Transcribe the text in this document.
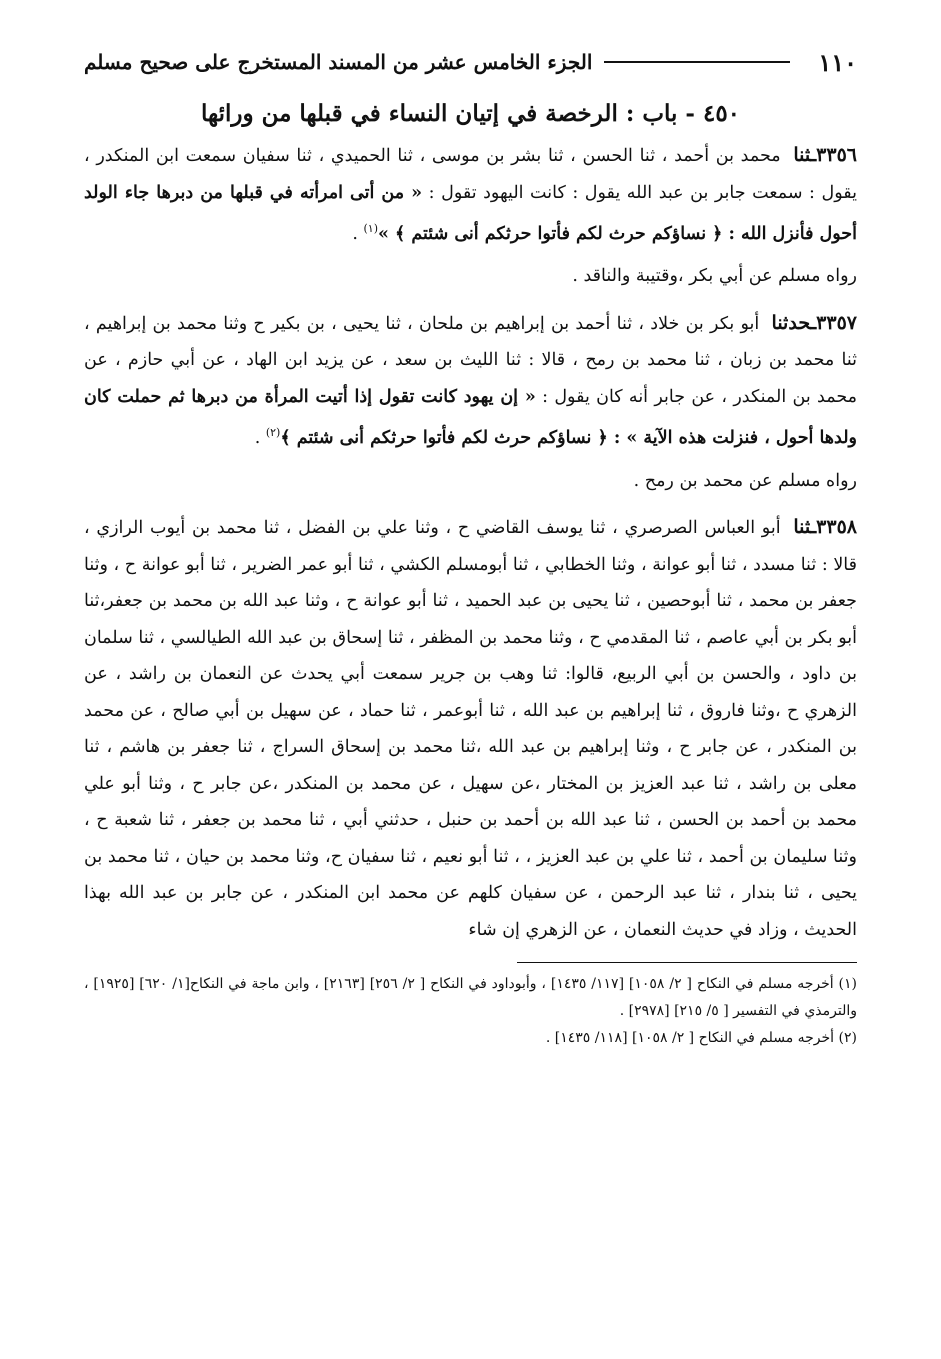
١١٠
الجزء الخامس عشر من المسند المستخرج على صحيح مسلم
٤٥٠ - باب : الرخصة في إتيان النساء في قبلها من ورائها

٣٣٥٦ـثنا محمد بن أحمد ، ثنا الحسن ، ثنا بشر بن موسى ، ثنا الحميدي ، ثنا سفيان سمعت ابن المنكدر ، يقول : سمعت جابر بن عبد الله يقول : كانت اليهود تقول : « من أتى امرأته في قبلها من دبرها جاء الولد أحول فأنزل الله : ﴿ نساؤكم حرث لكم فأتوا حرثكم أنى شئتم ﴾ »$^{(١)}$ .

رواه مسلم عن أبي بكر ،وقتيبة والناقد .

٣٣٥٧ـحدثنا أبو بكر بن خلاد ، ثنا أحمد بن إبراهيم بن ملحان ، ثنا يحيى ، بن بكير ح وثنا محمد بن إبراهيم ، ثنا محمد بن زبان ، ثنا محمد بن رمح ، قالا : ثنا الليث بن سعد ، عن يزيد ابن الهاد ، عن أبي حازم ، عن محمد بن المنكدر ، عن جابر أنه كان يقول : « إن يهود كانت تقول إذا أتيت المرأة من دبرها ثم حملت كان ولدها أحول ، فنزلت هذه الآية » : ﴿ نساؤكم حرث لكم فأتوا حرثكم أنى شئتم ﴾$^{(٢)}$ .

رواه مسلم عن محمد بن رمح .

٣٣٥٨ـثنا أبو العباس الصرصري ، ثنا يوسف القاضي ح ، وثنا علي بن الفضل ، ثنا محمد بن أيوب الرازي ، قالا : ثنا مسدد ، ثنا أبو عوانة ، وثنا الخطابي ، ثنا أبومسلم الكشي ، ثنا أبو عمر الضرير ، ثنا أبو عوانة ح ، وثنا جعفر بن محمد ، ثنا أبوحصين ، ثنا يحيى بن عبد الحميد ، ثنا أبو عوانة ح ، وثنا عبد الله بن محمد بن جعفر،ثنا أبو بكر بن أبي عاصم ، ثنا المقدمي ح ، وثنا محمد بن المظفر ، ثنا إسحاق بن عبد الله الطيالسي ، ثنا سلمان بن داود ، والحسن بن أبي الربيع، قالوا: ثنا وهب بن جرير سمعت أبي يحدث عن النعمان بن راشد ، عن الزهري ح ،وثنا فاروق ، ثنا إبراهيم بن عبد الله ، ثنا أبوعمر ، ثنا حماد ، عن سهيل بن أبي صالح ، عن محمد بن المنكدر ، عن جابر ح ، وثنا إبراهيم بن عبد الله ،ثنا محمد بن إسحاق السراج ، ثنا جعفر بن هاشم ، ثنا معلى بن راشد ، ثنا عبد العزيز بن المختار ،عن سهيل ، عن محمد بن المنكدر ،عن جابر ح ، وثنا أبو علي محمد بن أحمد بن الحسن ، ثنا عبد الله بن أحمد بن حنبل ، حدثني أبي ، ثنا محمد بن جعفر ، ثنا شعبة ح ، وثنا سليمان بن أحمد ، ثنا علي بن عبد العزيز ، ، ثنا أبو نعيم ، ثنا سفيان ح، وثنا محمد بن حيان ، ثنا محمد بن يحيى ، ثنا بندار ، ثنا عبد الرحمن ، عن سفيان كلهم عن محمد ابن المنكدر ، عن جابر بن عبد الله بهذا الحديث ، وزاد في حديث النعمان ، عن الزهري إن شاء

(١) أخرجه مسلم في النكاح [ ٢/ ١٠٥٨] [١١٧/ ١٤٣٥] ، وأبوداود في النكاح [ ٢/ ٢٥٦] [٢١٦٣] ، وابن ماجة في النكاح[١/ ٦٢٠] [١٩٢٥] ، والترمذي في التفسير [ ٥/ ٢١٥] [٢٩٧٨] .

(٢) أخرجه مسلم في النكاح [ ٢/ ١٠٥٨] [١١٨/ ١٤٣٥] .
